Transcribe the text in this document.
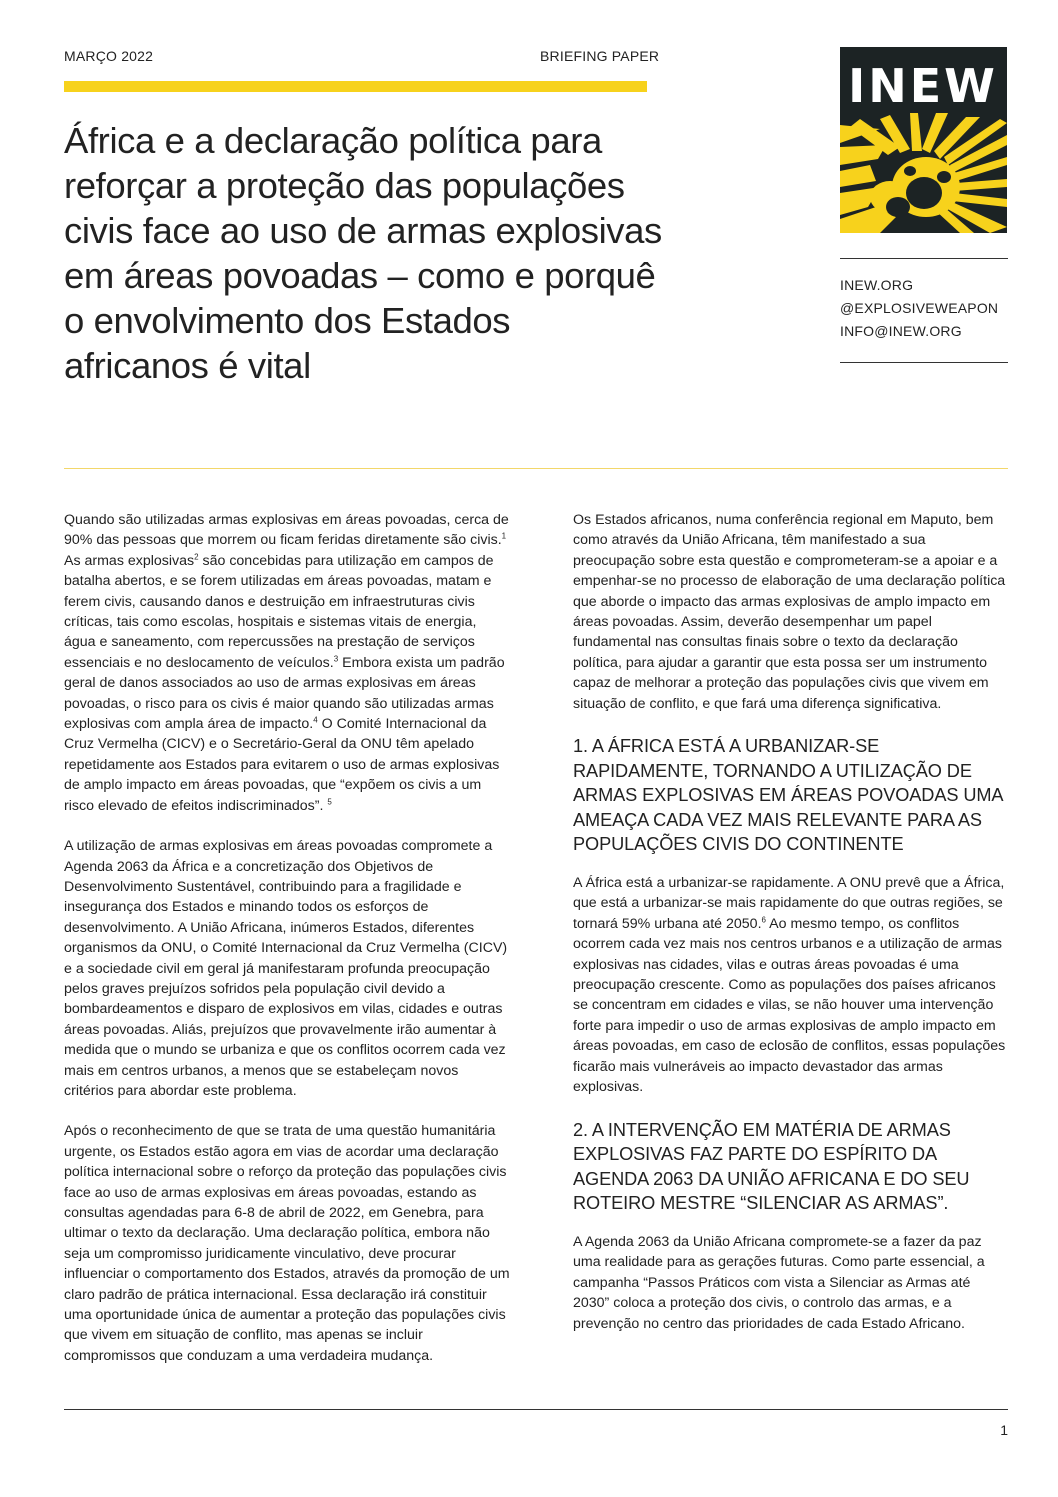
MARÇO 2022	BRIEFING PAPER
África e a declaração política para reforçar a proteção das populações civis face ao uso de armas explosivas em áreas povoadas – como e porquê o envolvimento dos Estados africanos é vital
INEW
INEW.ORG
@EXPLOSIVEWEAPON
INFO@INEW.ORG

Quando são utilizadas armas explosivas em áreas povoadas, cerca de 90% das pessoas que morrem ou ficam feridas diretamente são civis.$^1$ As armas explosivas$^2$ são concebidas para utilização em campos de batalha abertos, e se forem utilizadas em áreas povoadas, matam e ferem civis, causando danos e destruição em infraestruturas civis críticas, tais como escolas, hospitais e sistemas vitais de energia, água e saneamento, com repercussões na prestação de serviços essenciais e no deslocamento de veículos.$^3$ Embora exista um padrão geral de danos associados ao uso de armas explosivas em áreas povoadas, o risco para os civis é maior quando são utilizadas armas explosivas com ampla área de impacto.$^4$ O Comité Internacional da Cruz Vermelha (CICV) e o Secretário-Geral da ONU têm apelado repetidamente aos Estados para evitarem o uso de armas explosivas de amplo impacto em áreas povoadas, que “expõem os civis a um risco elevado de efeitos indiscriminados”. $^5$

A utilização de armas explosivas em áreas povoadas compromete a Agenda 2063 da África e a concretização dos Objetivos de Desenvolvimento Sustentável, contribuindo para a fragilidade e insegurança dos Estados e minando todos os esforços de desenvolvimento. A União Africana, inúmeros Estados, diferentes organismos da ONU, o Comité Internacional da Cruz Vermelha (CICV) e a sociedade civil em geral já manifestaram profunda preocupação pelos graves prejuízos sofridos pela população civil devido a bombardeamentos e disparo de explosivos em vilas, cidades e outras áreas povoadas. Aliás, prejuízos que provavelmente irão aumentar à medida que o mundo se urbaniza e que os conflitos ocorrem cada vez mais em centros urbanos, a menos que se estabeleçam novos critérios para abordar este problema.

Após o reconhecimento de que se trata de uma questão humanitária urgente, os Estados estão agora em vias de acordar uma declaração política internacional sobre o reforço da proteção das populações civis face ao uso de armas explosivas em áreas povoadas, estando as consultas agendadas para 6-8 de abril de 2022, em Genebra, para ultimar o texto da declaração. Uma declaração política, embora não seja um compromisso juridicamente vinculativo, deve procurar influenciar o comportamento dos Estados, através da promoção de um claro padrão de prática internacional. Essa declaração irá constituir uma oportunidade única de aumentar a proteção das populações civis que vivem em situação de conflito, mas apenas se incluir compromissos que conduzam a uma verdadeira mudança.

Os Estados africanos, numa conferência regional em Maputo, bem como através da União Africana, têm manifestado a sua preocupação sobre esta questão e comprometeram-se a apoiar e a empenhar-se no processo de elaboração de uma declaração política que aborde o impacto das armas explosivas de amplo impacto em áreas povoadas. Assim, deverão desempenhar um papel fundamental nas consultas finais sobre o texto da declaração política, para ajudar a garantir que esta possa ser um instrumento capaz de melhorar a proteção das populações civis que vivem em situação de conflito, e que fará uma diferença significativa.

1. A ÁFRICA ESTÁ A URBANIZAR-SE RAPIDAMENTE, TORNANDO A UTILIZAÇÃO DE ARMAS EXPLOSIVAS EM ÁREAS POVOADAS UMA AMEAÇA CADA VEZ MAIS RELEVANTE PARA AS POPULAÇÕES CIVIS DO CONTINENTE

A África está a urbanizar-se rapidamente. A ONU prevê que a África, que está a urbanizar-se mais rapidamente do que outras regiões, se tornará 59% urbana até 2050.$^6$ Ao mesmo tempo, os conflitos ocorrem cada vez mais nos centros urbanos e a utilização de armas explosivas nas cidades, vilas e outras áreas povoadas é uma preocupação crescente. Como as populações dos países africanos se concentram em cidades e vilas, se não houver uma intervenção forte para impedir o uso de armas explosivas de amplo impacto em áreas povoadas, em caso de eclosão de conflitos, essas populações ficarão mais vulneráveis ao impacto devastador das armas explosivas.

2. A INTERVENÇÃO EM MATÉRIA DE ARMAS EXPLOSIVAS FAZ PARTE DO ESPÍRITO DA AGENDA 2063 DA UNIÃO AFRICANA E DO SEU ROTEIRO MESTRE “SILENCIAR AS ARMAS”.

A Agenda 2063 da União Africana compromete-se a fazer da paz uma realidade para as gerações futuras. Como parte essencial, a campanha “Passos Práticos com vista a Silenciar as Armas até 2030” coloca a proteção dos civis, o controlo das armas, e a prevenção no centro das prioridades de cada Estado Africano.

1
